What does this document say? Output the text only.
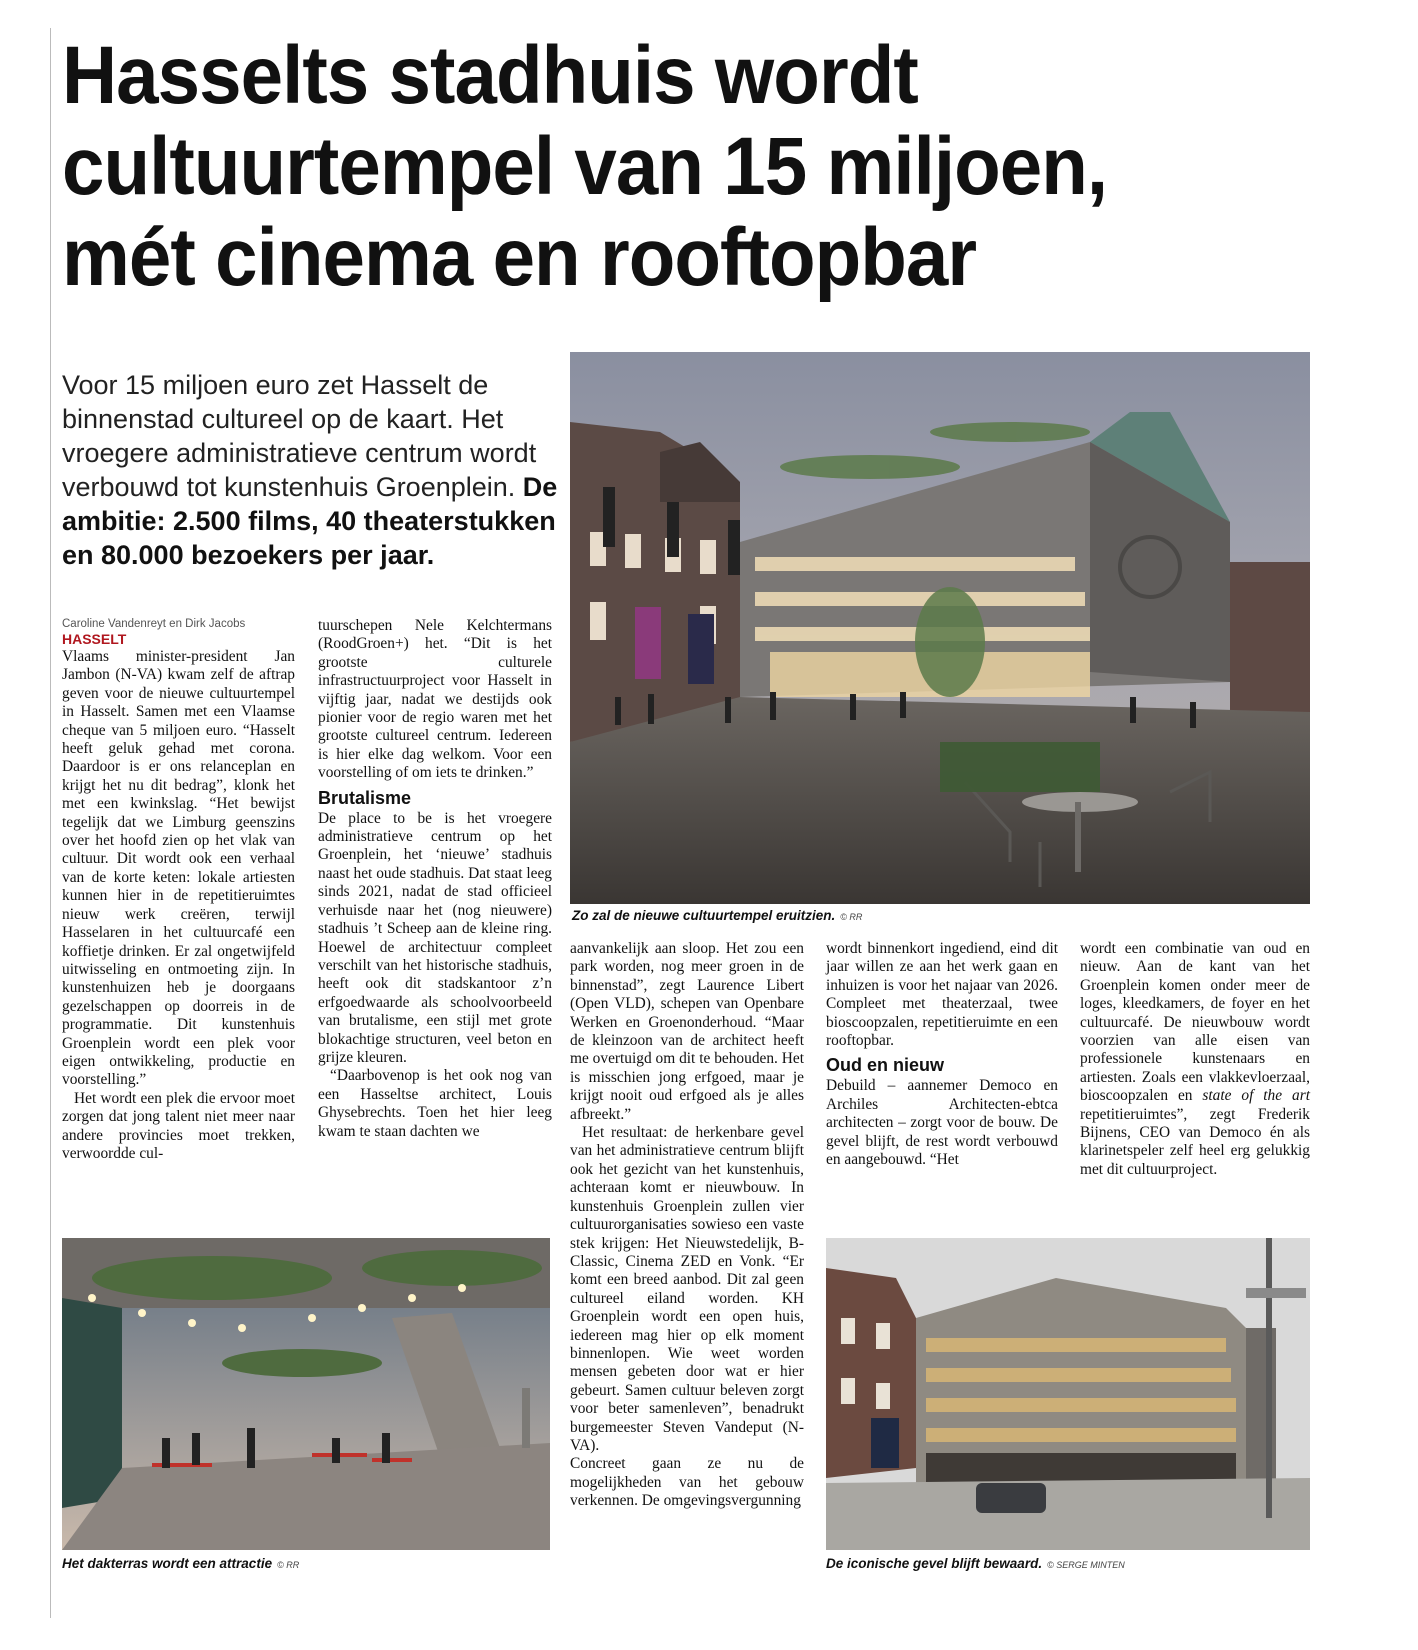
Hasselts stadhuis wordt
cultuurtempel van 15 miljoen,
mét cinema en rooftopbar
Voor 15 miljoen euro zet Hasselt de binnenstad cultureel op de kaart. Het vroegere administratieve centrum wordt verbouwd tot kunstenhuis Groenplein. De ambitie: 2.500 films, 40 theaterstukken en 80.000 bezoekers per jaar.
Zo zal de nieuwe cultuurtempel eruitzien. © RR
Caroline Vandenreyt en Dirk Jacobs
HASSELT

Vlaams minister-president Jan Jambon (N-VA) kwam zelf de aftrap geven voor de nieuwe cultuurtempel in Hasselt. Samen met een Vlaamse cheque van 5 miljoen euro. “Hasselt heeft geluk gehad met corona. Daardoor is er ons relanceplan en krijgt het nu dit bedrag”, klonk het met een kwinkslag. “Het bewijst tegelijk dat we Limburg geenszins over het hoofd zien op het vlak van cultuur. Dit wordt ook een verhaal van de korte keten: lokale artiesten kunnen hier in de repetitieruimtes nieuw werk creëren, terwijl Hasselaren in het cultuurcafé een koffietje drinken. Er zal ongetwijfeld uitwisseling en ontmoeting zijn. In kunstenhuizen heb je doorgaans gezelschappen op doorreis in de programmatie. Dit kunstenhuis Groenplein wordt een plek voor eigen ontwikkeling, productie en voorstelling.”

Het wordt een plek die ervoor moet zorgen dat jong talent niet meer naar andere provincies moet trekken, verwoordde cul-

tuurschepen Nele Kelchtermans (RoodGroen+) het. “Dit is het grootste culturele infrastructuurproject voor Hasselt in vijftig jaar, nadat we destijds ook pionier voor de regio waren met het grootste cultureel centrum. Iedereen is hier elke dag welkom. Voor een voorstelling of om iets te drinken.”

Brutalisme

De place to be is het vroegere administratieve centrum op het Groenplein, het ‘nieuwe’ stadhuis naast het oude stadhuis. Dat staat leeg sinds 2021, nadat de stad officieel verhuisde naar het (nog nieuwere) stadhuis ’t Scheep aan de kleine ring. Hoewel de architectuur compleet verschilt van het historische stadhuis, heeft ook dit stadskantoor z’n erfgoedwaarde als schoolvoorbeeld van brutalisme, een stijl met grote blokachtige structuren, veel beton en grijze kleuren.

“Daarbovenop is het ook nog van een Hasseltse architect, Louis Ghysebrechts. Toen het hier leeg kwam te staan dachten we

aanvankelijk aan sloop. Het zou een park worden, nog meer groen in de binnenstad”, zegt Laurence Libert (Open VLD), schepen van Openbare Werken en Groenonderhoud. “Maar de kleinzoon van de architect heeft me overtuigd om dit te behouden. Het is misschien jong erfgoed, maar je krijgt nooit oud erfgoed als je alles afbreekt.”

Het resultaat: de herkenbare gevel van het administratieve centrum blijft ook het gezicht van het kunstenhuis, achteraan komt er nieuwbouw. In kunstenhuis Groenplein zullen vier cultuurorganisaties sowieso een vaste stek krijgen: Het Nieuwstedelijk, B-Classic, Cinema ZED en Vonk. “Er komt een breed aanbod. Dit zal geen cultureel eiland worden. KH Groenplein wordt een open huis, iedereen mag hier op elk moment binnenlopen. Wie weet worden mensen gebeten door wat er hier gebeurt. Samen cultuur beleven zorgt voor beter samenleven”, benadrukt burgemeester Steven Vandeput (N-VA).

Concreet gaan ze nu de mogelijkheden van het gebouw verkennen. De omgevingsvergunning

wordt binnenkort ingediend, eind dit jaar willen ze aan het werk gaan en inhuizen is voor het najaar van 2026. Compleet met theaterzaal, twee bioscoopzalen, repetitieruimte en een rooftopbar.

Oud en nieuw

Debuild – aannemer Democo en Archiles Architecten-ebtca architecten – zorgt voor de bouw. De gevel blijft, de rest wordt verbouwd en aangebouwd. “Het

wordt een combinatie van oud en nieuw. Aan de kant van het Groenplein komen onder meer de loges, kleedkamers, de foyer en het cultuurcafé. De nieuwbouw wordt voorzien van alle eisen van professionele kunstenaars en artiesten. Zoals een vlakkevloerzaal, bioscoopzalen en state of the art repetitieruimtes”, zegt Frederik Bijnens, CEO van Democo én als klarinetspeler zelf heel erg gelukkig met dit cultuurproject.

Het dakterras wordt een attractie © RR	De iconische gevel blijft bewaard. © SERGE MINTEN
